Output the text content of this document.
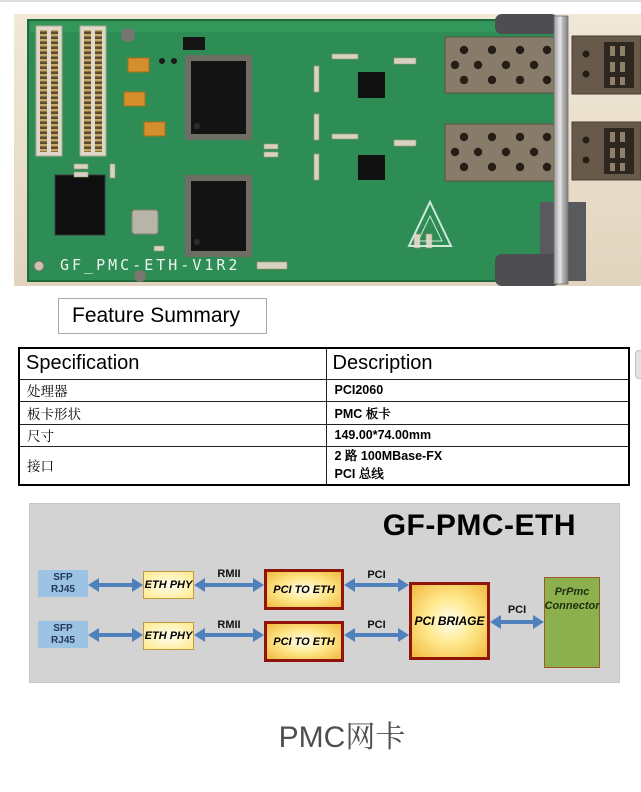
GF_PMC-ETH-V1R2
Feature Summary
Specification	Description
处理器	PCI2060
板卡形状	PMC 板卡
尺寸	149.00*74.00mm
接口	2 路 100MBase-FX
PCI 总线
GF-PMC-ETH
SFP
RJ45	ETH PHY	PCI TO ETH
SFP
RJ45	ETH PHY	PCI TO ETH
PCI BRIAGE
PrPmc
Connector
RMII	PCI
RMII	PCI
PCI
PMC网卡
